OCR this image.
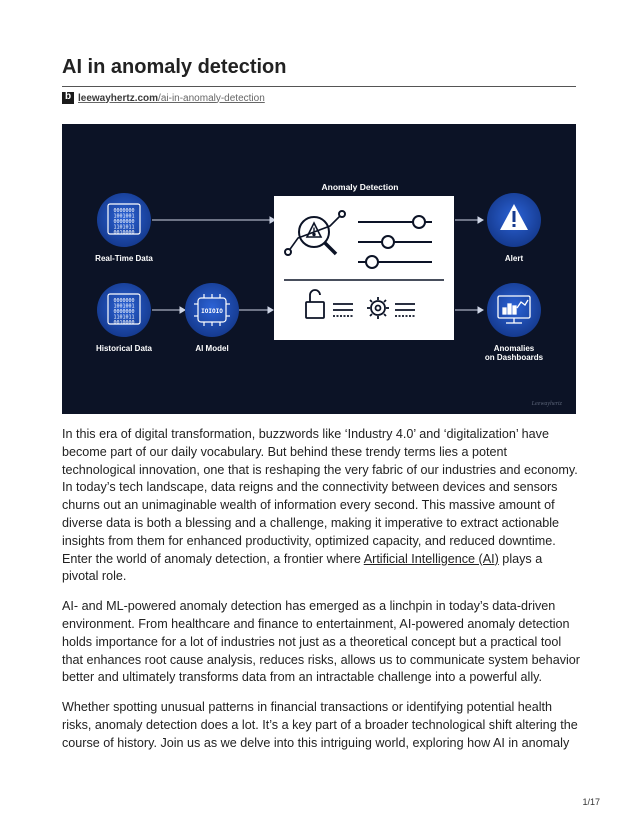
AI in anomaly detection
b
leewayhertz.com/ai-in-anomaly-detection
Anomaly Detection
0000000
1001001
0000000
1101011
0010000
Real-Time Data
0000000
1001001
0000000
1101011
0010000
Historical Data
IOIOIO
AI Model
Alert
Anomalies
on Dashboards
Leewayhertz

In this era of digital transformation, buzzwords like ‘Industry 4.0’ and ‘digitalization’ have become part of our daily vocabulary. But behind these trendy terms lies a potent technological innovation, one that is reshaping the very fabric of our industries and economy. In today’s tech landscape, data reigns and the connectivity between devices and sensors churns out an unimaginable wealth of information every second. This massive amount of diverse data is both a blessing and a challenge, making it imperative to extract actionable insights from them for enhanced productivity, optimized capacity, and reduced downtime. Enter the world of anomaly detection, a frontier where Artificial Intelligence (AI) plays a pivotal role.

AI- and ML-powered anomaly detection has emerged as a linchpin in today’s data-driven environment. From healthcare and finance to entertainment, AI-powered anomaly detection holds importance for a lot of industries not just as a theoretical concept but a practical tool that enhances root cause analysis, reduces risks, allows us to communicate system behavior better and ultimately transforms data from an intractable challenge into a powerful ally.

Whether spotting unusual patterns in financial transactions or identifying potential health risks, anomaly detection does a lot. It’s a key part of a broader technological shift altering the course of history. Join us as we delve into this intriguing world, exploring how AI in anomaly

1/17
